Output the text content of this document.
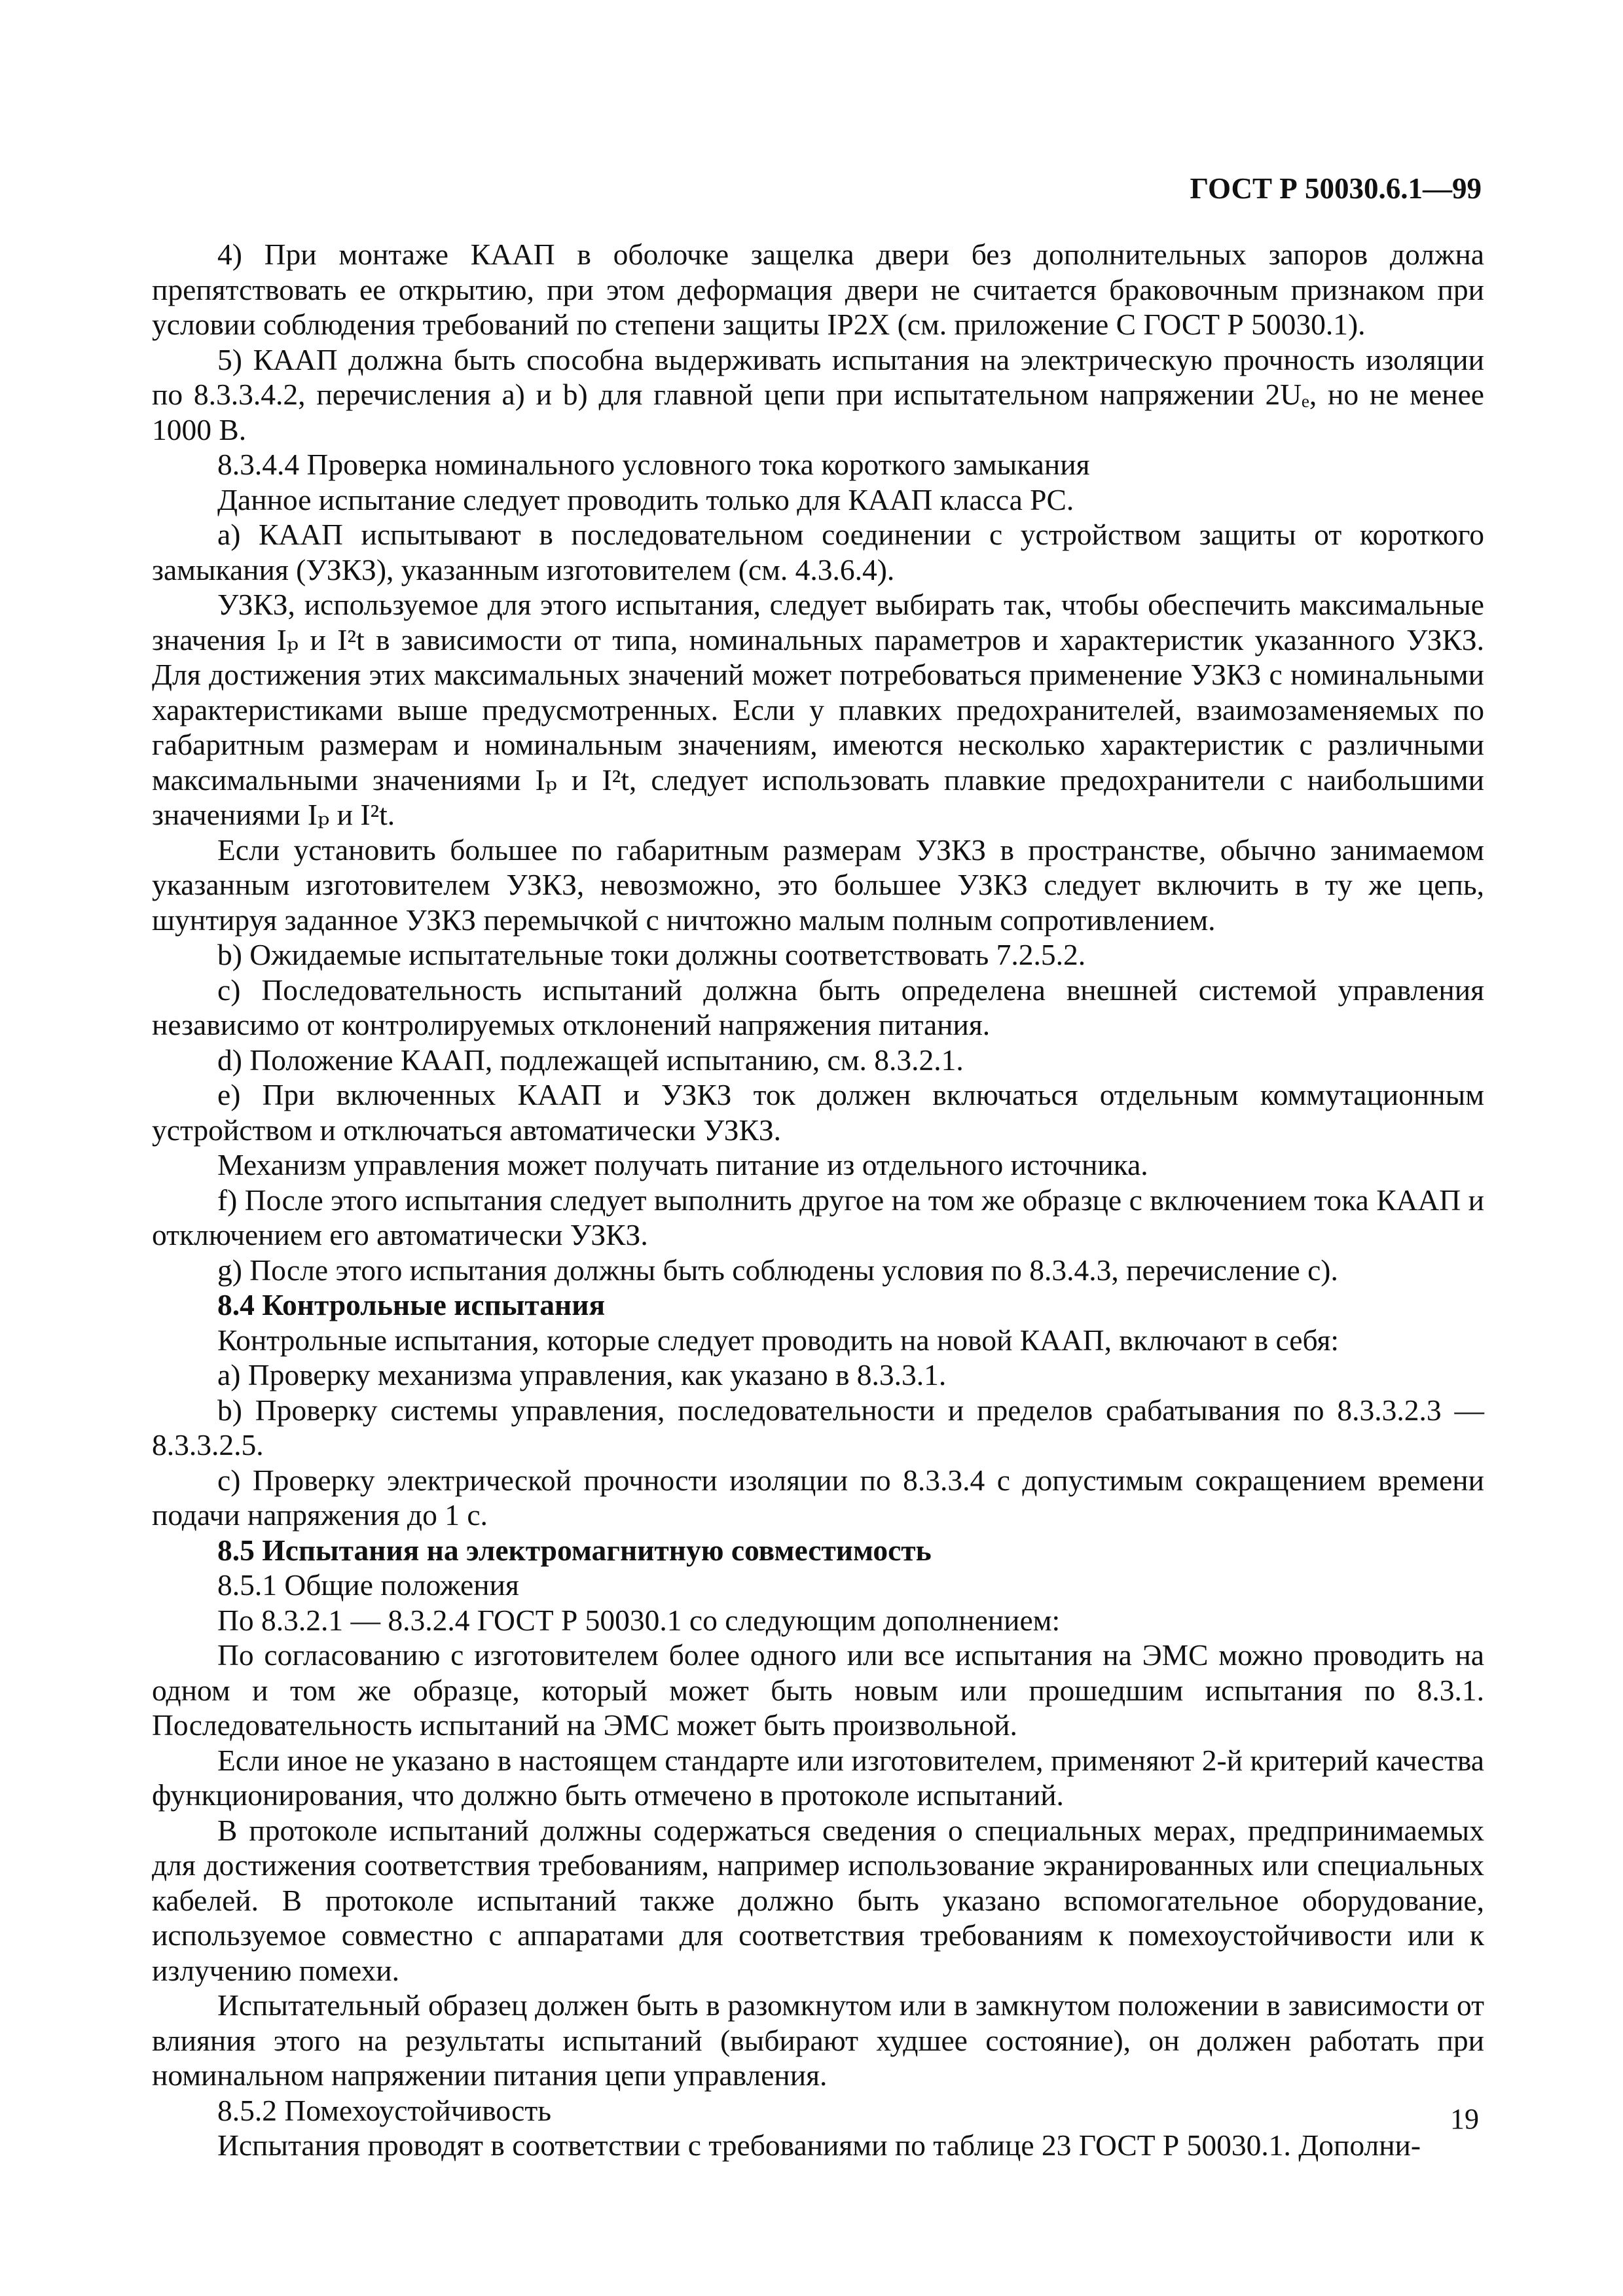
ГОСТ Р 50030.6.1—99

4) При монтаже КААП в оболочке защелка двери без дополнительных запоров должна препятствовать ее открытию, при этом деформация двери не считается браковочным признаком при условии соблюдения требований по степени защиты IP2X (см. приложение С ГОСТ Р 50030.1).

5) КААП должна быть способна выдерживать испытания на электрическую прочность изоляции по 8.3.3.4.2, перечисления а) и b) для главной цепи при испытательном напряжении 2Uₑ, но не менее 1000 В.

8.3.4.4 Проверка номинального условного тока короткого замыкания

Данное испытание следует проводить только для КААП класса PC.

а) КААП испытывают в последовательном соединении с устройством защиты от короткого замыкания (УЗКЗ), указанным изготовителем (см. 4.3.6.4).

УЗКЗ, используемое для этого испытания, следует выбирать так, чтобы обеспечить максимальные значения Iₚ и I²t в зависимости от типа, номинальных параметров и характеристик указанного УЗКЗ. Для достижения этих максимальных значений может потребоваться применение УЗКЗ с номинальными характеристиками выше предусмотренных. Если у плавких предохранителей, взаимозаменяемых по габаритным размерам и номинальным значениям, имеются несколько характеристик с различными максимальными значениями Iₚ и I²t, следует использовать плавкие предохранители с наибольшими значениями Iₚ и I²t.

Если установить большее по габаритным размерам УЗКЗ в пространстве, обычно занимаемом указанным изготовителем УЗКЗ, невозможно, это большее УЗКЗ следует включить в ту же цепь, шунтируя заданное УЗКЗ перемычкой с ничтожно малым полным сопротивлением.

b) Ожидаемые испытательные токи должны соответствовать 7.2.5.2.

с) Последовательность испытаний должна быть определена внешней системой управления независимо от контролируемых отклонений напряжения питания.

d) Положение КААП, подлежащей испытанию, см. 8.3.2.1.

е) При включенных КААП и УЗКЗ ток должен включаться отдельным коммутационным устройством и отключаться автоматически УЗКЗ.

Механизм управления может получать питание из отдельного источника.

f) После этого испытания следует выполнить другое на том же образце с включением тока КААП и отключением его автоматически УЗКЗ.

g) После этого испытания должны быть соблюдены условия по 8.3.4.3, перечисление с).

8.4 Контрольные испытания

Контрольные испытания, которые следует проводить на новой КААП, включают в себя:

а) Проверку механизма управления, как указано в 8.3.3.1.

b) Проверку системы управления, последовательности и пределов срабатывания по 8.3.3.2.3 — 8.3.3.2.5.

с) Проверку электрической прочности изоляции по 8.3.3.4 с допустимым сокращением времени подачи напряжения до 1 с.

8.5 Испытания на электромагнитную совместимость

8.5.1 Общие положения

По 8.3.2.1 — 8.3.2.4 ГОСТ Р 50030.1 со следующим дополнением:

По согласованию с изготовителем более одного или все испытания на ЭМС можно проводить на одном и том же образце, который может быть новым или прошедшим испытания по 8.3.1. Последовательность испытаний на ЭМС может быть произвольной.

Если иное не указано в настоящем стандарте или изготовителем, применяют 2-й критерий качества функционирования, что должно быть отмечено в протоколе испытаний.

В протоколе испытаний должны содержаться сведения о специальных мерах, предпринимаемых для достижения соответствия требованиям, например использование экранированных или специальных кабелей. В протоколе испытаний также должно быть указано вспомогательное оборудование, используемое совместно с аппаратами для соответствия требованиям к помехоустойчивости или к излучению помехи.

Испытательный образец должен быть в разомкнутом или в замкнутом положении в зависимости от влияния этого на результаты испытаний (выбирают худшее состояние), он должен работать при номинальном напряжении питания цепи управления.

8.5.2 Помехоустойчивость

Испытания проводят в соответствии с требованиями по таблице 23 ГОСТ Р 50030.1. Дополни-

19
